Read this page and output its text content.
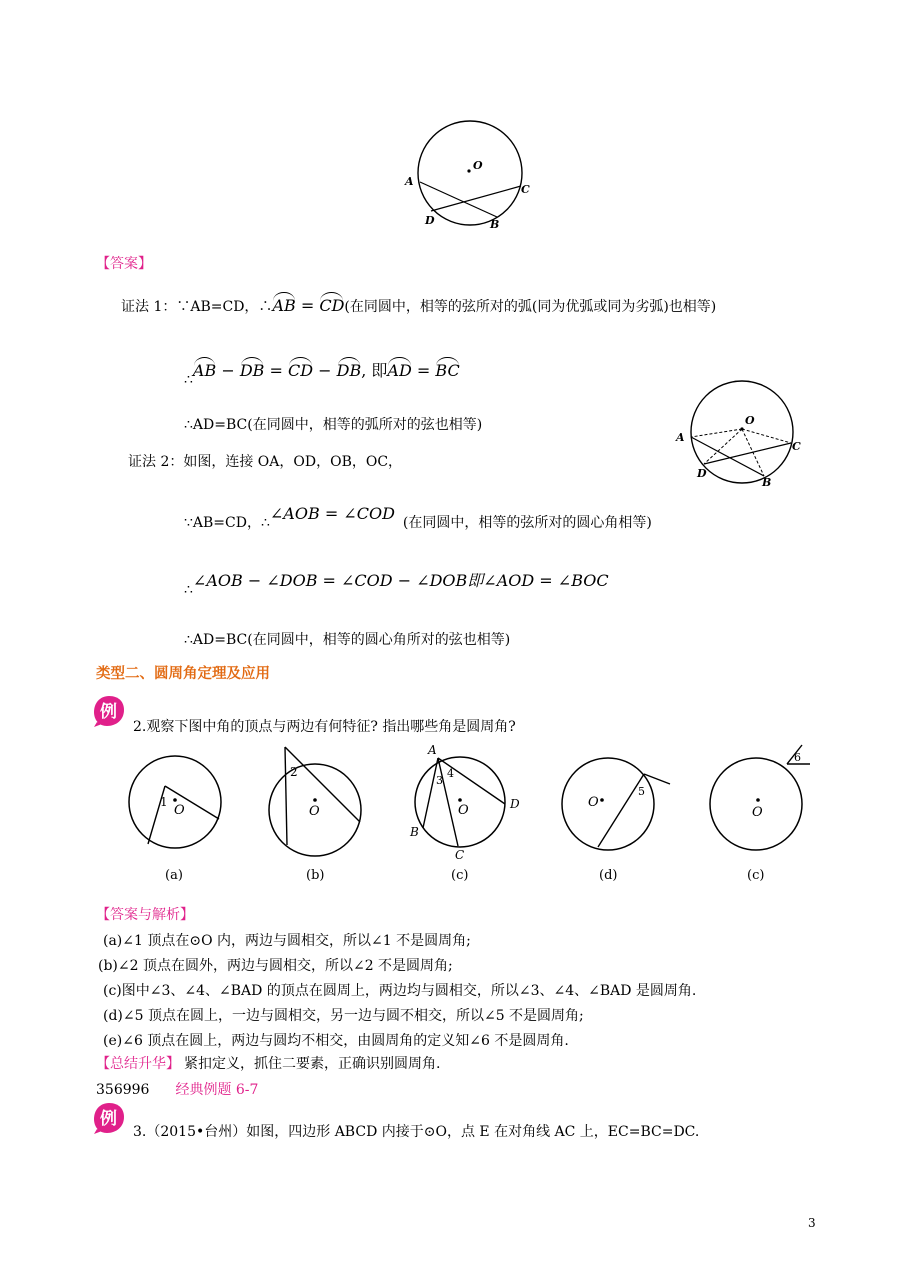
O
A
C
D	B
【答案】
证法 1：∵AB=CD，∴AB = CD(在同圆中，相等的弦所对的弧(同为优弧或同为劣弧)也相等)
∴AB − DB = CD − DB, 即AD = BC
∴AD=BC(在同圆中，相等的弧所对的弦也相等)	O
A
C
D
B
证法 2：如图，连接 OA，OD，OB，OC，
∵AB=CD，∴∠AOB = ∠COD (在同圆中，相等的弦所对的圆心角相等)
∴∠AOB − ∠DOB = ∠COD − ∠DOB即∠AOD = ∠BOC
∴AD=BC(在同圆中，相等的圆心角所对的弦也相等)
类型二、圆周角定理及应用
例
2.观察下图中角的顶点与两边有何特征? 指出哪些角是圆周角?
1
O
(a)
2
O
(b)
A
B
C
D
3
4
O
(c)
5
O
(d)
6
O
(c)
【答案与解析】
(a)∠1 顶点在⊙O 内，两边与圆相交，所以∠1 不是圆周角;
(b)∠2 顶点在圆外，两边与圆相交，所以∠2 不是圆周角;
(c)图中∠3、∠4、∠BAD 的顶点在圆周上，两边均与圆相交，所以∠3、∠4、∠BAD 是圆周角.
(d)∠5 顶点在圆上，一边与圆相交，另一边与圆不相交，所以∠5 不是圆周角;
(e)∠6 顶点在圆上，两边与圆均不相交，由圆周角的定义知∠6 不是圆周角.
【总结升华】 紧扣定义，抓住二要素，正确识别圆周角.
356996 经典例题 6-7
例
3.（2015•台州）如图，四边形 ABCD 内接于⊙O，点 E 在对角线 AC 上，EC=BC=DC.
3
